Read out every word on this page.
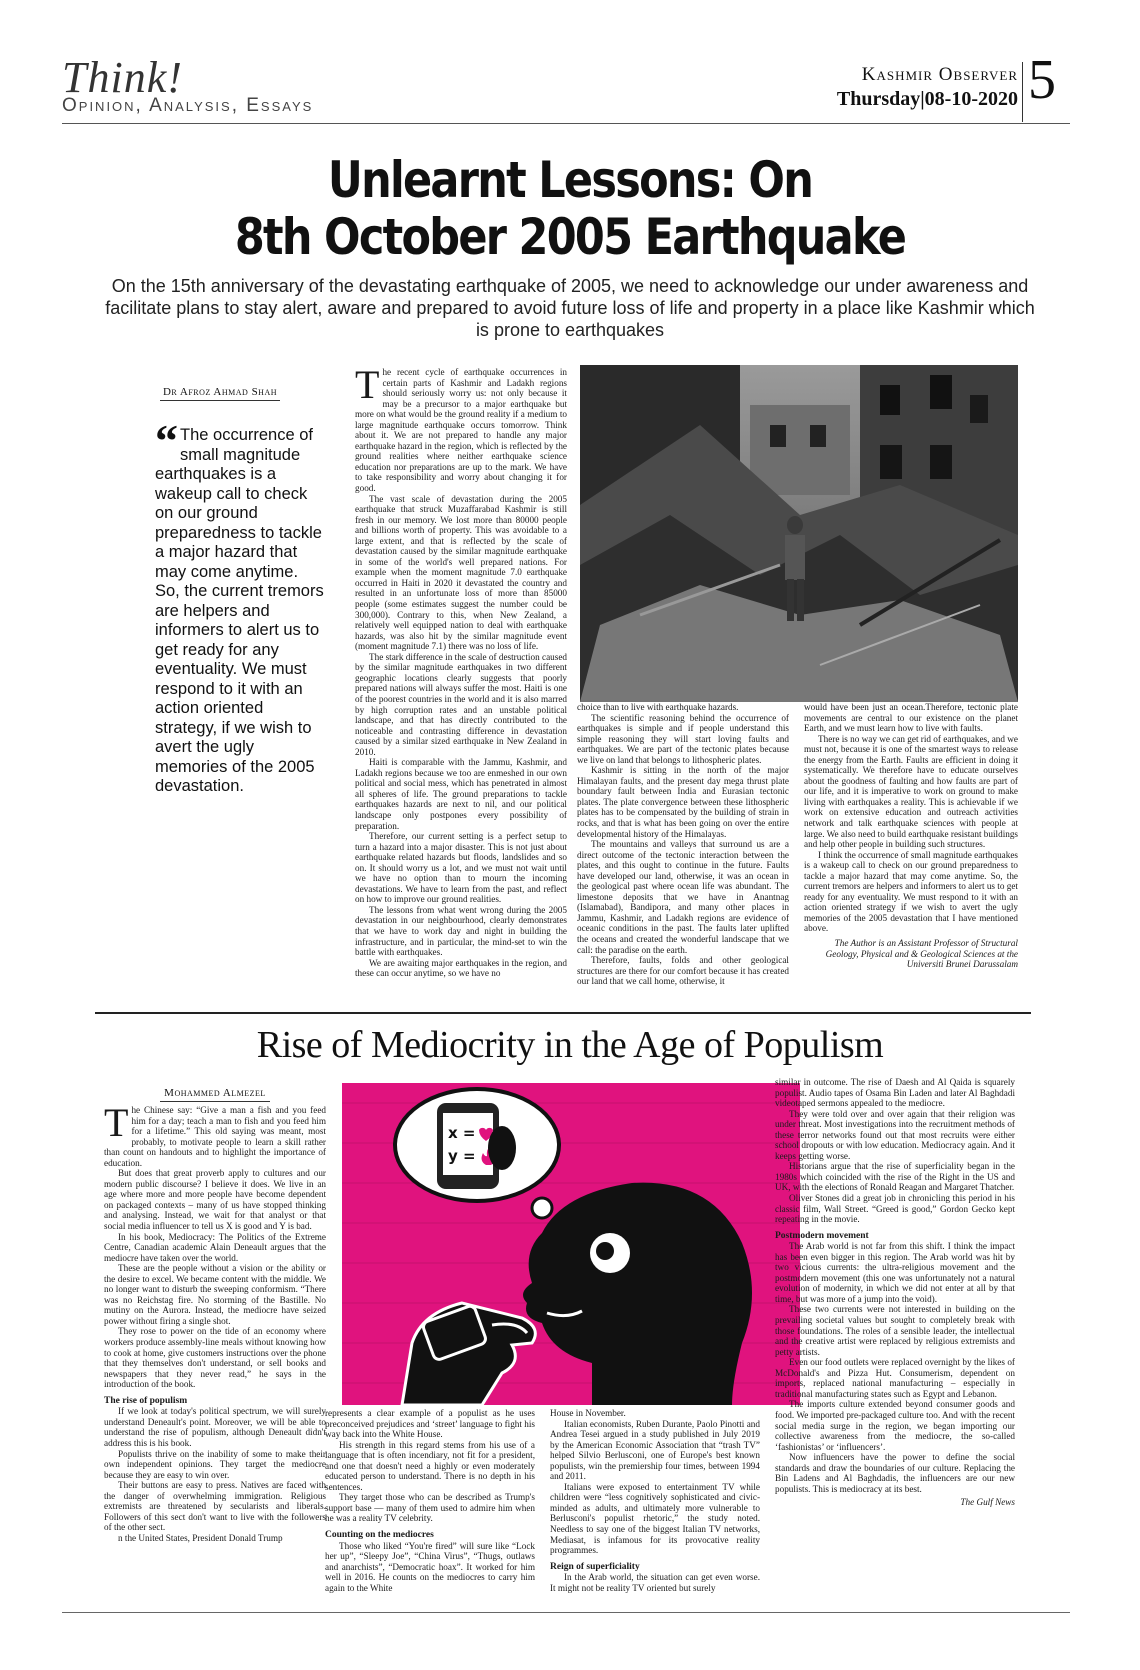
Think!
Opinion, Analysis, Essays
Kashmir Observer
Thursday|08-10-2020 5
Unlearnt Lessons: On
8th October 2005 Earthquake
On the 15th anniversary of the devastating earthquake of 2005, we need to acknowledge our under awareness and facilitate plans to stay alert, aware and prepared to avoid future loss of life and property in a place like Kashmir which is prone to earthquakes
Dr Afroz Ahmad Shah
“ The occurrence of small magnitude earthquakes is a wakeup call to check on our ground preparedness to tackle a major hazard that may come anytime. So, the current tremors are helpers and informers to alert us to get ready for any eventuality. We must respond to it with an action oriented strategy, if we wish to avert the ugly memories of the 2005 devastation.

The recent cycle of earthquake occurrences in certain parts of Kashmir and Ladakh regions should seriously worry us: not only because it may be a precursor to a major earthquake but more on what would be the ground reality if a medium to large magnitude earthquake occurs tomorrow. Think about it. We are not prepared to handle any major earthquake hazard in the region, which is reflected by the ground realities where neither earthquake science education nor preparations are up to the mark. We have to take responsibility and worry about changing it for good.

The vast scale of devastation during the 2005 earthquake that struck Muzaffarabad Kashmir is still fresh in our memory. We lost more than 80000 people and billions worth of property. This was avoidable to a large extent, and that is reflected by the scale of devastation caused by the similar magnitude earthquake in some of the world's well prepared nations. For example when the moment magnitude 7.0 earthquake occurred in Haiti in 2020 it devastated the country and resulted in an unfortunate loss of more than 85000 people (some estimates suggest the number could be 300,000). Contrary to this, when New Zealand, a relatively well equipped nation to deal with earthquake hazards, was also hit by the similar magnitude event (moment magnitude 7.1) there was no loss of life.

The stark difference in the scale of destruction caused by the similar magnitude earthquakes in two different geographic locations clearly suggests that poorly prepared nations will always suffer the most. Haiti is one of the poorest countries in the world and it is also marred by high corruption rates and an unstable political landscape, and that has directly contributed to the noticeable and contrasting difference in devastation caused by a similar sized earthquake in New Zealand in 2010.

Haiti is comparable with the Jammu, Kashmir, and Ladakh regions because we too are enmeshed in our own political and social mess, which has penetrated in almost all spheres of life. The ground preparations to tackle earthquakes hazards are next to nil, and our political landscape only postpones every possibility of preparation.

Therefore, our current setting is a perfect setup to turn a hazard into a major disaster. This is not just about earthquake related hazards but floods, landslides and so on. It should worry us a lot, and we must not wait until we have no option than to mourn the incoming devastations. We have to learn from the past, and reflect on how to improve our ground realities.

The lessons from what went wrong during the 2005 devastation in our neighbourhood, clearly demonstrates that we have to work day and night in building the infrastructure, and in particular, the mind-set to win the battle with earthquakes.

We are awaiting major earthquakes in the region, and these can occur anytime, so we have no

choice than to live with earthquake hazards.

The scientific reasoning behind the occurrence of earthquakes is simple and if people understand this simple reasoning they will start loving faults and earthquakes. We are part of the tectonic plates because we live on land that belongs to lithospheric plates.

Kashmir is sitting in the north of the major Himalayan faults, and the present day mega thrust plate boundary fault between India and Eurasian tectonic plates. The plate convergence between these lithospheric plates has to be compensated by the building of strain in rocks, and that is what has been going on over the entire developmental history of the Himalayas.

The mountains and valleys that surround us are a direct outcome of the tectonic interaction between the plates, and this ought to continue in the future. Faults have developed our land, otherwise, it was an ocean in the geological past where ocean life was abundant. The limestone deposits that we have in Anantnag (Islamabad), Bandipora, and many other places in Jammu, Kashmir, and Ladakh regions are evidence of oceanic conditions in the past. The faults later uplifted the oceans and created the wonderful landscape that we call: the paradise on the earth.

Therefore, faults, folds and other geological structures are there for our comfort because it has created our land that we call home, otherwise, it

would have been just an ocean.Therefore, tectonic plate movements are central to our existence on the planet Earth, and we must learn how to live with faults.

There is no way we can get rid of earthquakes, and we must not, because it is one of the smartest ways to release the energy from the Earth. Faults are efficient in doing it systematically. We therefore have to educate ourselves about the goodness of faulting and how faults are part of our life, and it is imperative to work on ground to make living with earthquakes a reality. This is achievable if we work on extensive education and outreach activities network and talk earthquake sciences with people at large. We also need to build earthquake resistant buildings and help other people in building such structures.

I think the occurrence of small magnitude earthquakes is a wakeup call to check on our ground preparedness to tackle a major hazard that may come anytime. So, the current tremors are helpers and informers to alert us to get ready for any eventuality. We must respond to it with an action oriented strategy if we wish to avert the ugly memories of the 2005 devastation that I have mentioned above.

The Author is an Assistant Professor of Structural Geology, Physical and & Geological Sciences at the Universiti Brunei Darussalam

Rise of Mediocrity in the Age of Populism
Mohammed Almezel

The Chinese say: “Give a man a fish and you feed him for a day; teach a man to fish and you feed him for a lifetime.” This old saying was meant, most probably, to motivate people to learn a skill rather than count on handouts and to highlight the importance of education.

But does that great proverb apply to cultures and our modern public discourse? I believe it does. We live in an age where more and more people have become dependent on packaged contexts – many of us have stopped thinking and analysing. Instead, we wait for that analyst or that social media influencer to tell us X is good and Y is bad.

In his book, Mediocracy: The Politics of the Extreme Centre, Canadian academic Alain Deneault argues that the mediocre have taken over the world.

These are the people without a vision or the ability or the desire to excel. We became content with the middle. We no longer want to disturb the sweeping conformism. “There was no Reichstag fire. No storming of the Bastille. No mutiny on the Aurora. Instead, the mediocre have seized power without firing a single shot.

They rose to power on the tide of an economy where workers produce assembly-line meals without knowing how to cook at home, give customers instructions over the phone that they themselves don't understand, or sell books and newspapers that they never read,” he says in the introduction of the book.

The rise of populism

If we look at today's political spectrum, we will surely understand Deneault's point. Moreover, we will be able to understand the rise of populism, although Deneault didn't address this is his book.

Populists thrive on the inability of some to make their own independent opinions. They target the mediocre because they are easy to win over.

Their buttons are easy to press. Natives are faced with the danger of overwhelming immigration. Religious extremists are threatened by secularists and liberals. Followers of this sect don't want to live with the followers of the other sect.

n the United States, President Donald Trump

x =
y =

represents a clear example of a populist as he uses preconceived prejudices and ‘street’ language to fight his way back into the White House.

His strength in this regard stems from his use of a language that is often incendiary, not fit for a president, and one that doesn't need a highly or even moderately educated person to understand. There is no depth in his sentences.

They target those who can be described as Trump's support base — many of them used to admire him when he was a reality TV celebrity.

Counting on the mediocres

Those who liked “You're fired” will sure like “Lock her up”, “Sleepy Joe”, “China Virus”, “Thugs, outlaws and anarchists”, “Democratic hoax”. It worked for him well in 2016. He counts on the mediocres to carry him again to the White

House in November.

Italian economists, Ruben Durante, Paolo Pinotti and Andrea Tesei argued in a study published in July 2019 by the American Economic Association that “trash TV” helped Silvio Berlusconi, one of Europe's best known populists, win the premiership four times, between 1994 and 2011.

Italians were exposed to entertainment TV while children were “less cognitively sophisticated and civic-minded as adults, and ultimately more vulnerable to Berlusconi's populist rhetoric,” the study noted. Needless to say one of the biggest Italian TV networks, Mediasat, is infamous for its provocative reality programmes.

Reign of superficiality

In the Arab world, the situation can get even worse. It might not be reality TV oriented but surely

similar in outcome. The rise of Daesh and Al Qaida is squarely populist. Audio tapes of Osama Bin Laden and later Al Baghdadi videotaped sermons appealed to the mediocre.

They were told over and over again that their religion was under threat. Most investigations into the recruitment methods of these terror networks found out that most recruits were either school dropouts or with low education. Mediocracy again. And it keeps getting worse.

Historians argue that the rise of superficiality began in the 1980s which coincided with the rise of the Right in the US and UK, with the elections of Ronald Reagan and Margaret Thatcher.

Oliver Stones did a great job in chronicling this period in his classic film, Wall Street. “Greed is good,” Gordon Gecko kept repeating in the movie.

Postmodern movement

The Arab world is not far from this shift. I think the impact has been even bigger in this region. The Arab world was hit by two vicious currents: the ultra-religious movement and the postmodern movement (this one was unfortunately not a natural evolution of modernity, in which we did not enter at all by that time, but was more of a jump into the void).

These two currents were not interested in building on the prevailing societal values but sought to completely break with those foundations. The roles of a sensible leader, the intellectual and the creative artist were replaced by religious extremists and petty artists.

Even our food outlets were replaced overnight by the likes of McDonald's and Pizza Hut. Consumerism, dependent on imports, replaced national manufacturing – especially in traditional manufacturing states such as Egypt and Lebanon.

The imports culture extended beyond consumer goods and food. We imported pre-packaged culture too. And with the recent social media surge in the region, we began importing our collective awareness from the mediocre, the so-called ‘fashionistas’ or ‘influencers’.

Now influencers have the power to define the social standards and draw the boundaries of our culture. Replacing the Bin Ladens and Al Baghdadis, the influencers are our new populists. This is mediocracy at its best.

The Gulf News
